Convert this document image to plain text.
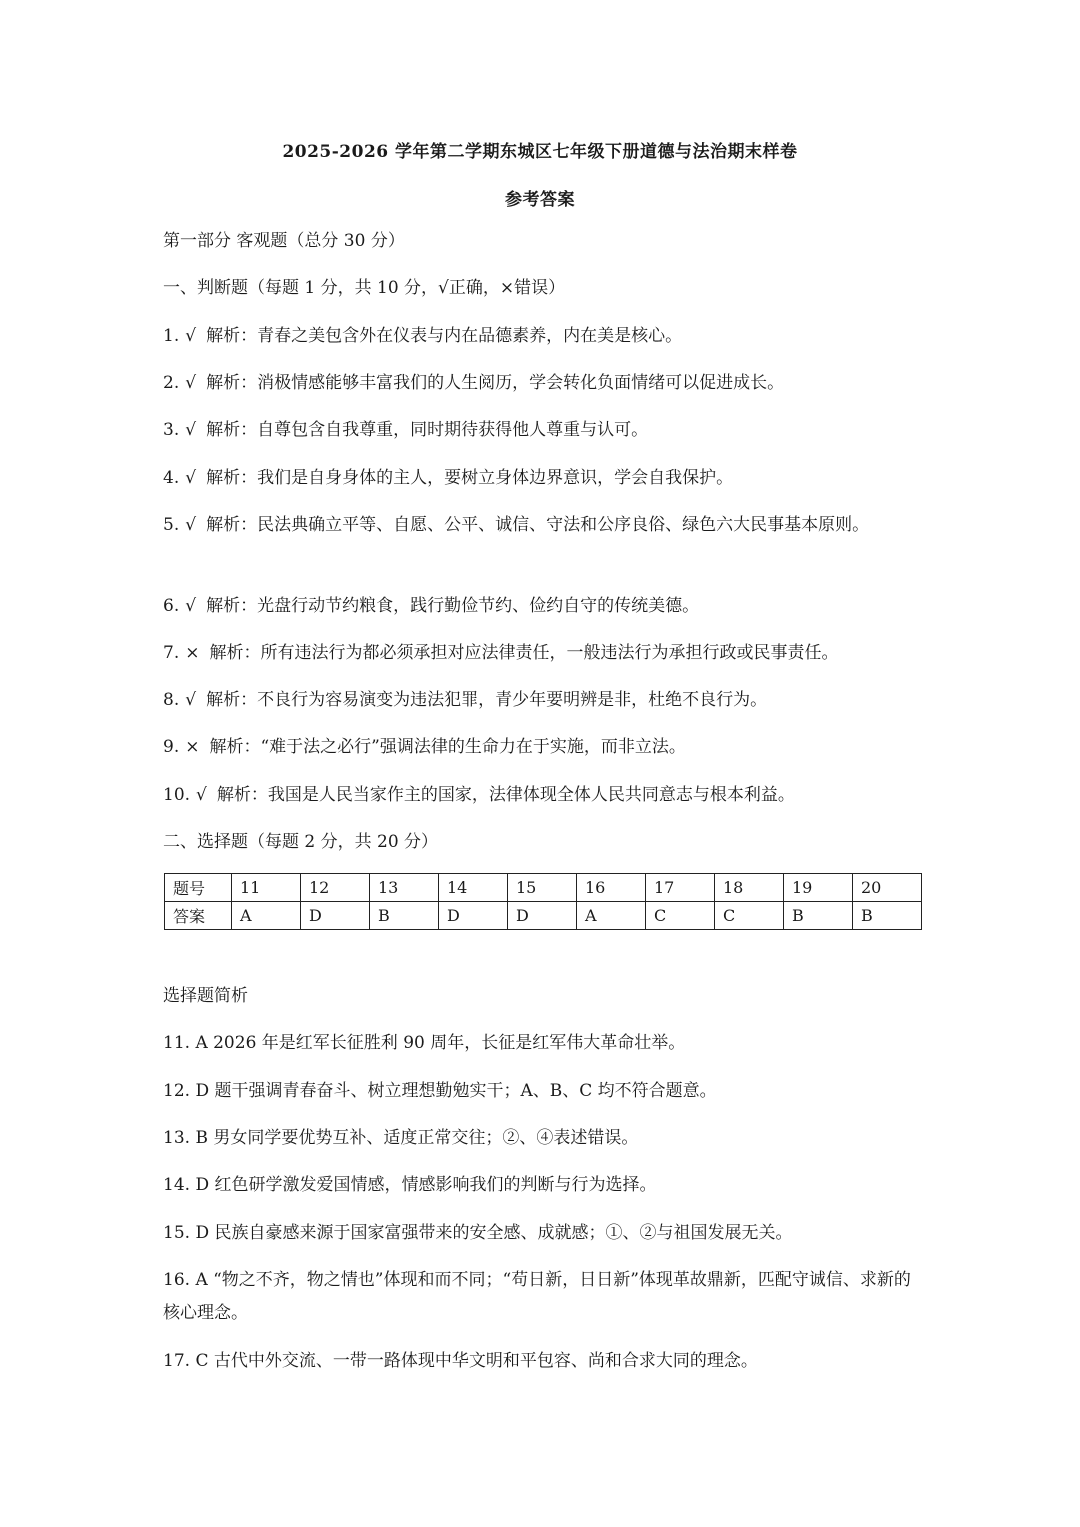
2025-2026 学年第二学期东城区七年级下册道德与法治期末样卷
参考答案
第一部分 客观题（总分 30 分）
一、判断题（每题 1 分，共 10 分，√正确，×错误）
1. √ 解析：青春之美包含外在仪表与内在品德素养，内在美是核心。
2. √ 解析：消极情感能够丰富我们的人生阅历，学会转化负面情绪可以促进成长。
3. √ 解析：自尊包含自我尊重，同时期待获得他人尊重与认可。
4. √ 解析：我们是自身身体的主人，要树立身体边界意识，学会自我保护。
5. √ 解析：民法典确立平等、自愿、公平、诚信、守法和公序良俗、绿色六大民事基本原则。
6. √ 解析：光盘行动节约粮食，践行勤俭节约、俭约自守的传统美德。
7. × 解析：所有违法行为都必须承担对应法律责任，一般违法行为承担行政或民事责任。
8. √ 解析：不良行为容易演变为违法犯罪，青少年要明辨是非，杜绝不良行为。
9. × 解析：“难于法之必行”强调法律的生命力在于实施，而非立法。
10. √ 解析：我国是人民当家作主的国家，法律体现全体人民共同意志与根本利益。
二、选择题（每题 2 分，共 20 分）
题号	11	12	13	14	15	16	17	18	19	20
答案	A	D	B	D	D	A	C	C	B	B
选择题简析
11. A 2026 年是红军长征胜利 90 周年，长征是红军伟大革命壮举。
12. D 题干强调青春奋斗、树立理想勤勉实干；A、B、C 均不符合题意。
13. B 男女同学要优势互补、适度正常交往；②、④表述错误。
14. D 红色研学激发爱国情感，情感影响我们的判断与行为选择。
15. D 民族自豪感来源于国家富强带来的安全感、成就感；①、②与祖国发展无关。
16. A “物之不齐，物之情也”体现和而不同；“苟日新，日日新”体现革故鼎新，匹配守诚信、求新的核心理念。
17. C 古代中外交流、一带一路体现中华文明和平包容、尚和合求大同的理念。
